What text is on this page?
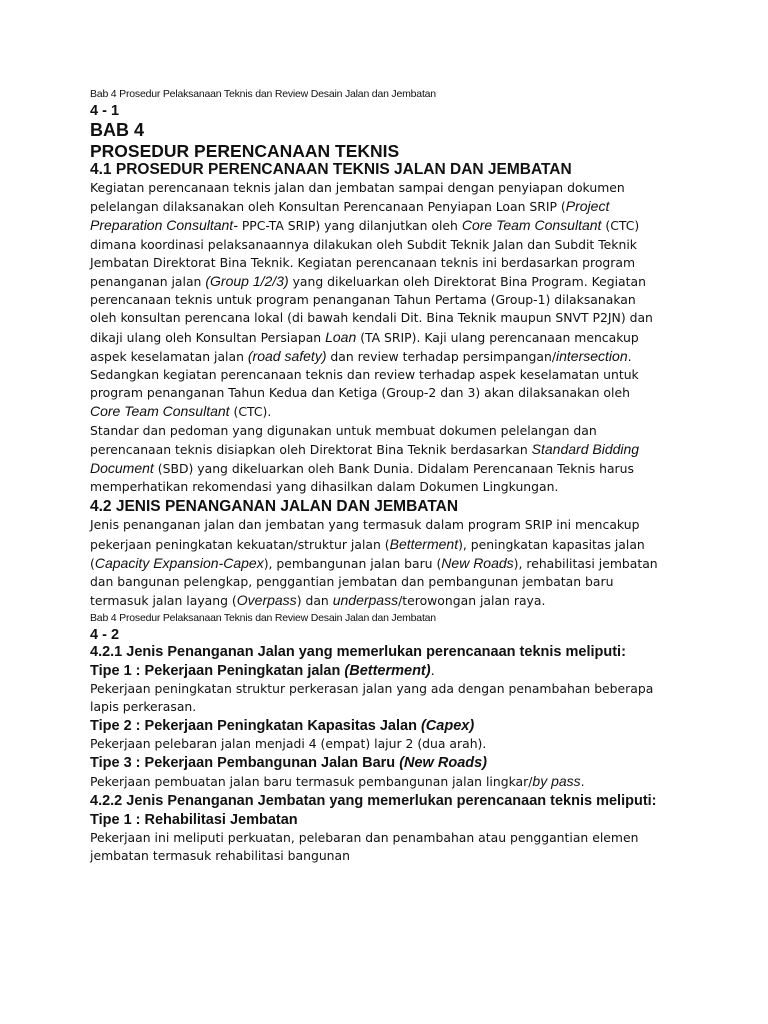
Bab 4 Prosedur Pelaksanaan Teknis dan Review Desain Jalan dan Jembatan

4 - 1

BAB 4

PROSEDUR PERENCANAAN TEKNIS

4.1 PROSEDUR PERENCANAAN TEKNIS JALAN DAN JEMBATAN

Kegiatan perencanaan teknis jalan dan jembatan sampai dengan penyiapan dokumen pelelangan dilaksanakan oleh Konsultan Perencanaan Penyiapan Loan SRIP (Project Preparation Consultant- PPC-TA SRIP) yang dilanjutkan oleh Core Team Consultant (CTC) dimana koordinasi pelaksanaannya dilakukan oleh Subdit Teknik Jalan dan Subdit Teknik Jembatan Direktorat Bina Teknik. Kegiatan perencanaan teknis ini berdasarkan program penanganan jalan (Group 1/2/3) yang dikeluarkan oleh Direktorat Bina Program. Kegiatan perencanaan teknis untuk program penanganan Tahun Pertama (Group-1) dilaksanakan oleh konsultan perencana lokal (di bawah kendali Dit. Bina Teknik maupun SNVT P2JN) dan dikaji ulang oleh Konsultan Persiapan Loan (TA SRIP). Kaji ulang perencanaan mencakup aspek keselamatan jalan (road safety) dan review terhadap persimpangan/intersection. Sedangkan kegiatan perencanaan teknis dan review terhadap aspek keselamatan untuk program penanganan Tahun Kedua dan Ketiga (Group-2 dan 3) akan dilaksanakan oleh Core Team Consultant (CTC).

Standar dan pedoman yang digunakan untuk membuat dokumen pelelangan dan perencanaan teknis disiapkan oleh Direktorat Bina Teknik berdasarkan Standard Bidding Document (SBD) yang dikeluarkan oleh Bank Dunia. Didalam Perencanaan Teknis harus memperhatikan rekomendasi yang dihasilkan dalam Dokumen Lingkungan.

4.2 JENIS PENANGANAN JALAN DAN JEMBATAN

Jenis penanganan jalan dan jembatan yang termasuk dalam program SRIP ini mencakup pekerjaan peningkatan kekuatan/struktur jalan (Betterment), peningkatan kapasitas jalan (Capacity Expansion-Capex), pembangunan jalan baru (New Roads), rehabilitasi jembatan dan bangunan pelengkap, penggantian jembatan dan pembangunan jembatan baru termasuk jalan layang (Overpass) dan underpass/terowongan jalan raya.

Bab 4 Prosedur Pelaksanaan Teknis dan Review Desain Jalan dan Jembatan

4 - 2

4.2.1 Jenis Penanganan Jalan yang memerlukan perencanaan teknis meliputi:

Tipe 1 : Pekerjaan Peningkatan jalan (Betterment).

Pekerjaan peningkatan struktur perkerasan jalan yang ada dengan penambahan beberapa lapis perkerasan.

Tipe 2 : Pekerjaan Peningkatan Kapasitas Jalan (Capex)

Pekerjaan pelebaran jalan menjadi 4 (empat) lajur 2 (dua arah).

Tipe 3 : Pekerjaan Pembangunan Jalan Baru (New Roads)

Pekerjaan pembuatan jalan baru termasuk pembangunan jalan lingkar/by pass.

4.2.2 Jenis Penanganan Jembatan yang memerlukan perencanaan teknis meliputi:

Tipe 1 : Rehabilitasi Jembatan

Pekerjaan ini meliputi perkuatan, pelebaran dan penambahan atau penggantian elemen jembatan termasuk rehabilitasi bangunan
